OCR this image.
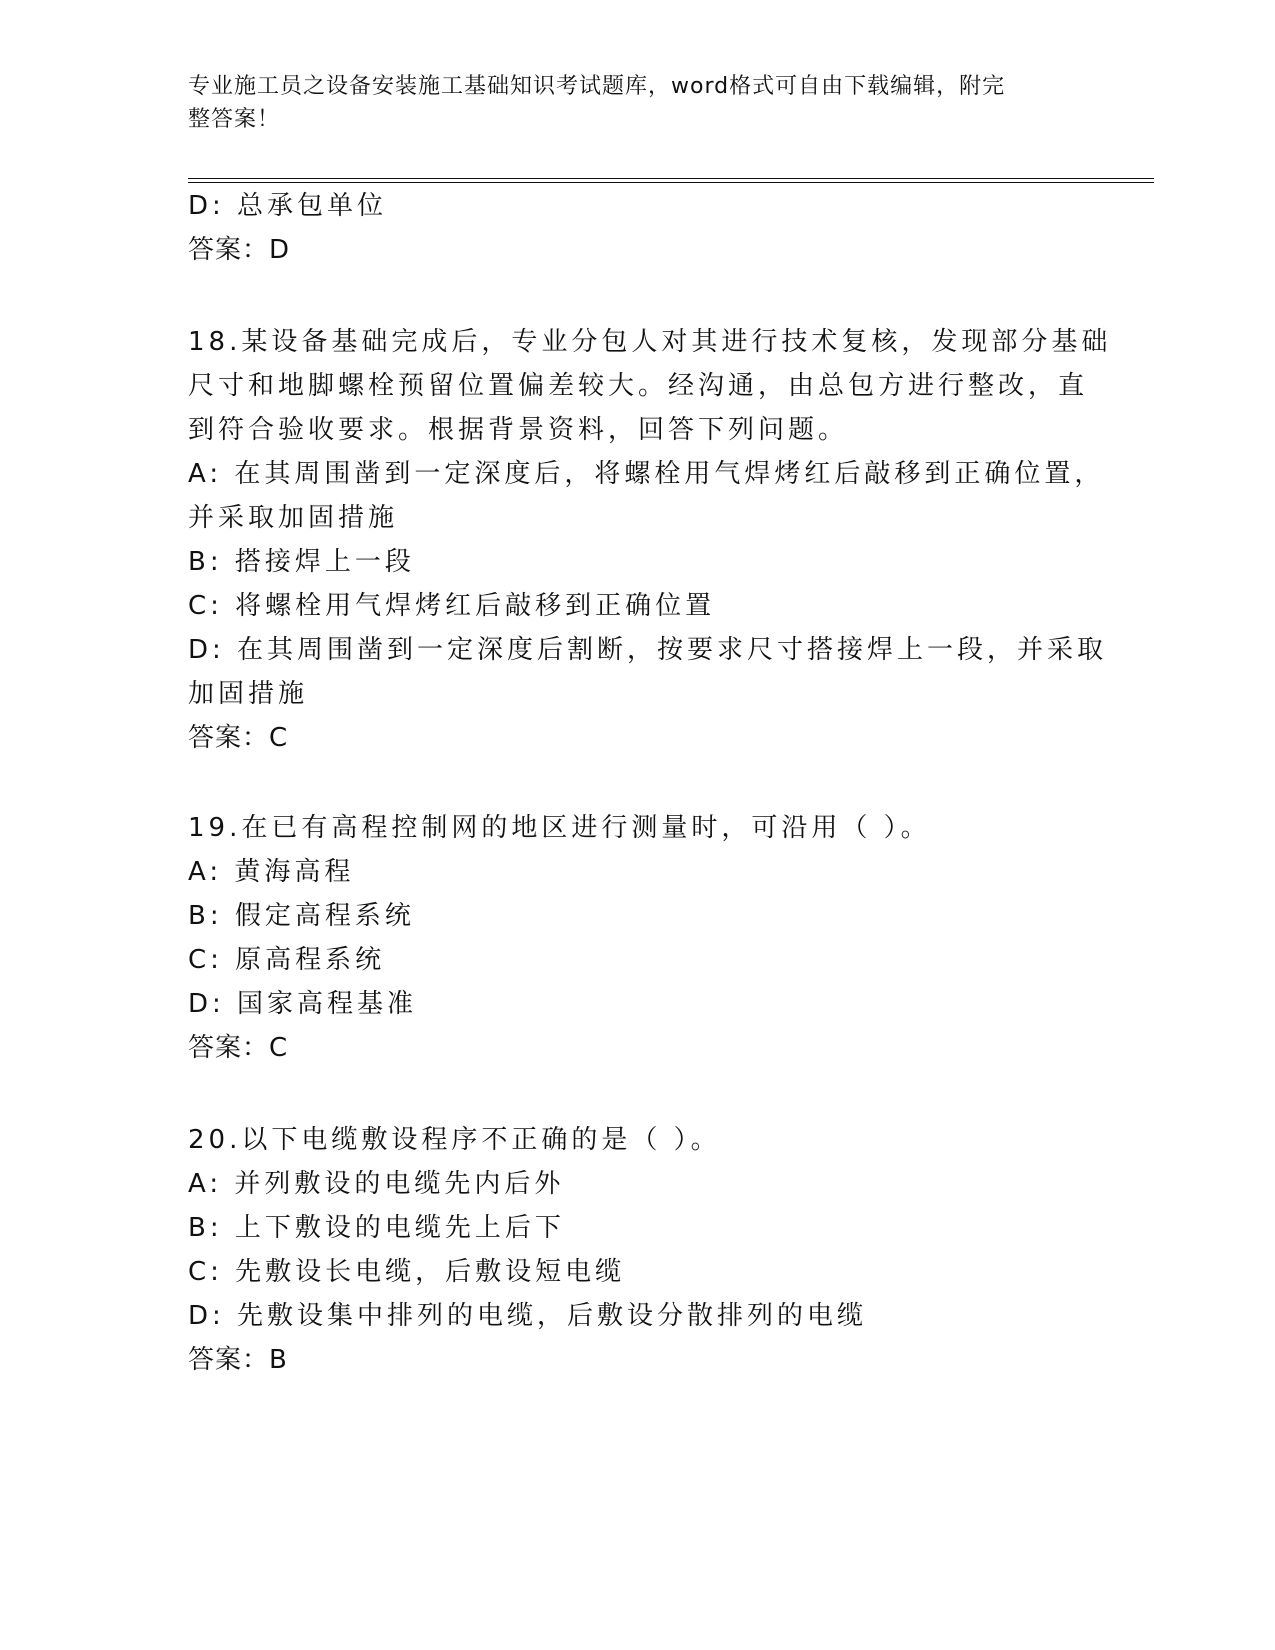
专业施工员之设备安装施工基础知识考试题库，word格式可自由下载编辑，附完
整答案！
D: 总承包单位
答案：D
18.某设备基础完成后，专业分包人对其进行技术复核，发现部分基础
尺寸和地脚螺栓预留位置偏差较大。经沟通，由总包方进行整改，直
到符合验收要求。根据背景资料，回答下列问题。
A: 在其周围凿到一定深度后，将螺栓用气焊烤红后敲移到正确位置，
并采取加固措施
B: 搭接焊上一段
C: 将螺栓用气焊烤红后敲移到正确位置
D: 在其周围凿到一定深度后割断，按要求尺寸搭接焊上一段，并采取
加固措施
答案：C
19.在已有高程控制网的地区进行测量时，可沿用（ ）。
A: 黄海高程
B: 假定高程系统
C: 原高程系统
D: 国家高程基准
答案：C
20.以下电缆敷设程序不正确的是（ ）。
A: 并列敷设的电缆先内后外
B: 上下敷设的电缆先上后下
C: 先敷设长电缆，后敷设短电缆
D: 先敷设集中排列的电缆，后敷设分散排列的电缆
答案：B
